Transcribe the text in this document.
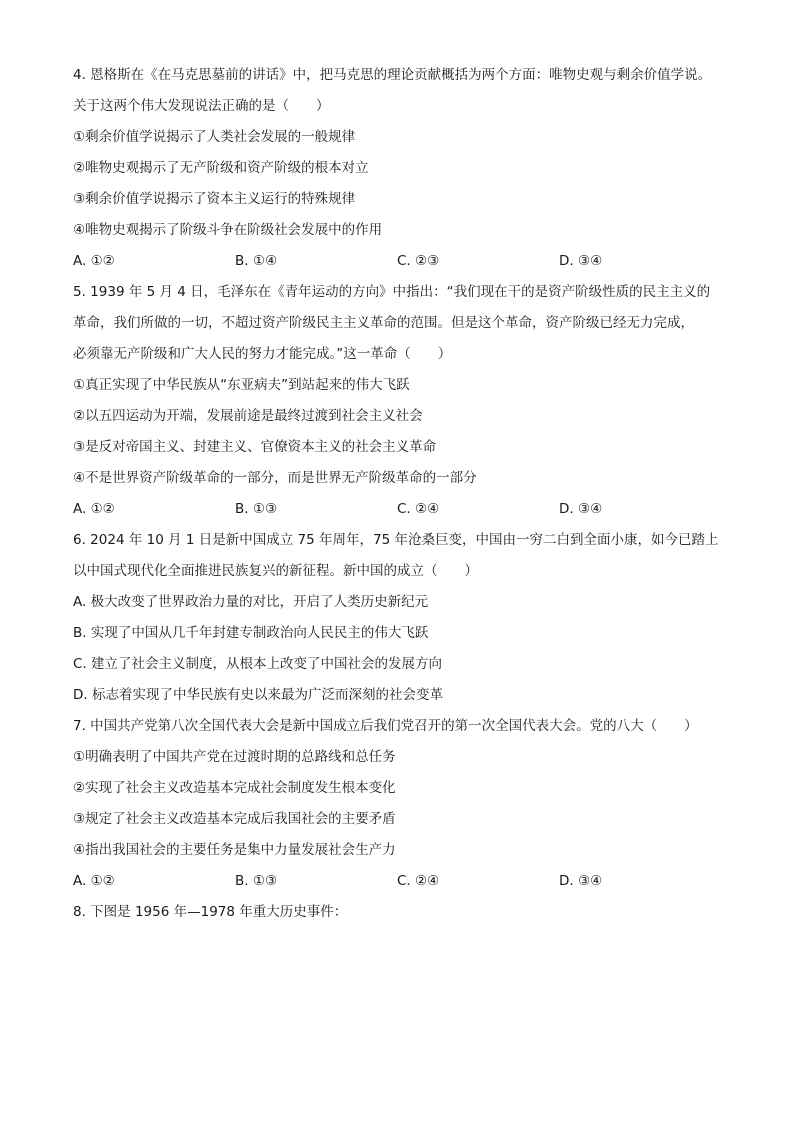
4. 恩格斯在《在马克思墓前的讲话》中，把马克思的理论贡献概括为两个方面：唯物史观与剩余价值学说。
关于这两个伟大发现说法正确的是（　　）
①剩余价值学说揭示了人类社会发展的一般规律
②唯物史观揭示了无产阶级和资产阶级的根本对立
③剩余价值学说揭示了资本主义运行的特殊规律
④唯物史观揭示了阶级斗争在阶级社会发展中的作用
A. ①②	B. ①④	C. ②③	D. ③④
5. 1939 年 5 月 4 日，毛泽东在《青年运动的方向》中指出：“我们现在干的是资产阶级性质的民主主义的
革命，我们所做的一切，不超过资产阶级民主主义革命的范围。但是这个革命，资产阶级已经无力完成，
必须靠无产阶级和广大人民的努力才能完成。”这一革命（　　）
①真正实现了中华民族从“东亚病夫”到站起来的伟大飞跃
②以五四运动为开端，发展前途是最终过渡到社会主义社会
③是反对帝国主义、封建主义、官僚资本主义的社会主义革命
④不是世界资产阶级革命的一部分，而是世界无产阶级革命的一部分
A. ①②	B. ①③	C. ②④	D. ③④
6. 2024 年 10 月 1 日是新中国成立 75 年周年，75 年沧桑巨变，中国由一穷二白到全面小康，如今已踏上
以中国式现代化全面推进民族复兴的新征程。新中国的成立（　　）
A. 极大改变了世界政治力量的对比，开启了人类历史新纪元
B. 实现了中国从几千年封建专制政治向人民民主的伟大飞跃
C. 建立了社会主义制度，从根本上改变了中国社会的发展方向
D. 标志着实现了中华民族有史以来最为广泛而深刻的社会变革
7. 中国共产党第八次全国代表大会是新中国成立后我们党召开的第一次全国代表大会。党的八大（　　）
①明确表明了中国共产党在过渡时期的总路线和总任务
②实现了社会主义改造基本完成社会制度发生根本变化
③规定了社会主义改造基本完成后我国社会的主要矛盾
④指出我国社会的主要任务是集中力量发展社会生产力
A. ①②	B. ①③	C. ②④	D. ③④
8. 下图是 1956 年—1978 年重大历史事件：
